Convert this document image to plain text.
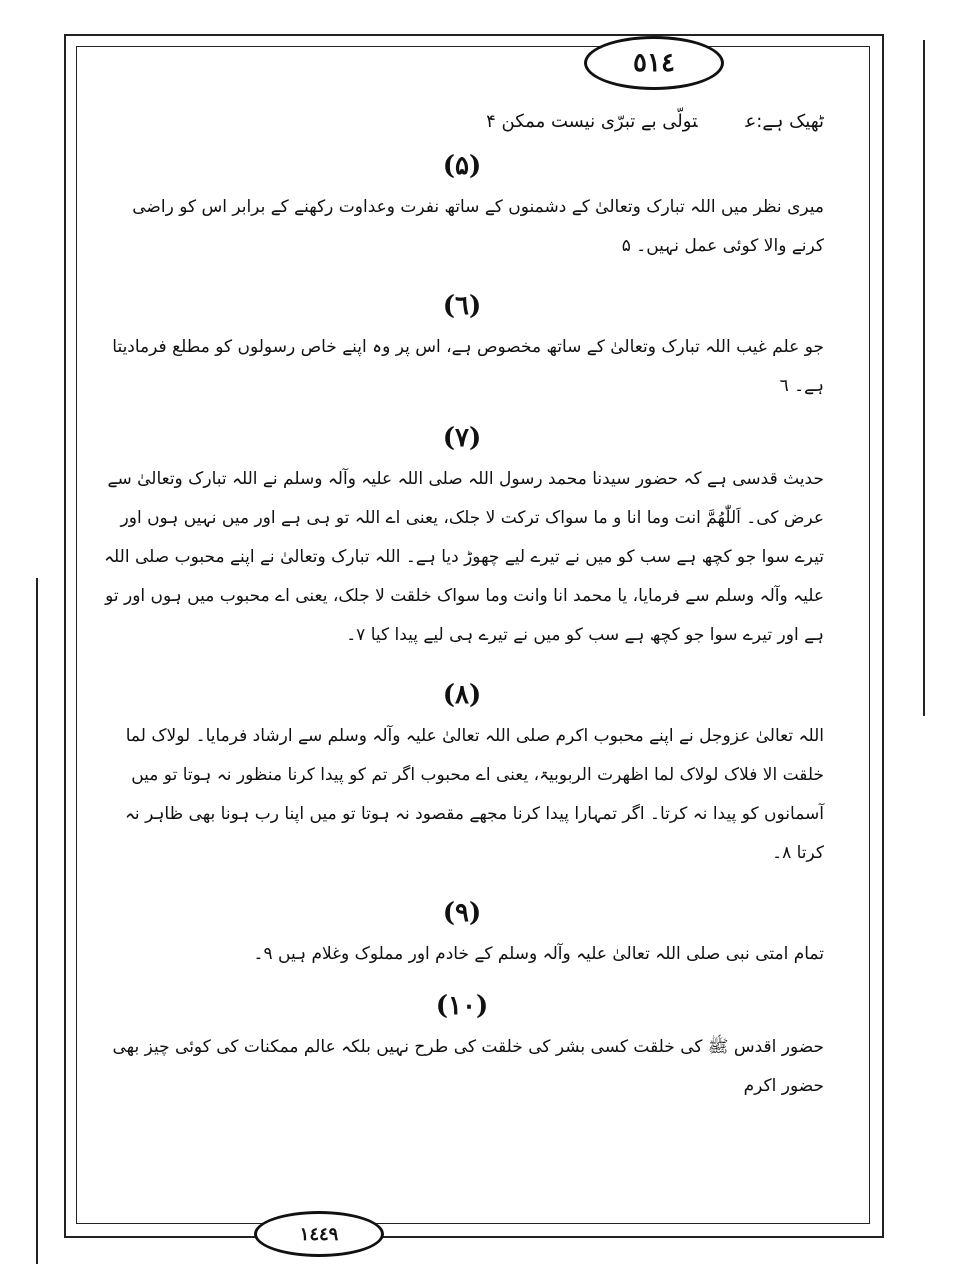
٥١٤

ٹھیک ہے:عتولّی بے تبرّی نیست ممکن ۴

(۵)

میری نظر میں اللہ تبارک وتعالیٰ کے دشمنوں کے ساتھ نفرت وعداوت رکھنے کے برابر اس کو راضی کرنے والا کوئی عمل نہیں۔ ۵

(٦)

جو علم غیب اللہ تبارک وتعالیٰ کے ساتھ مخصوص ہے، اس پر وہ اپنے خاص رسولوں کو مطلع فرمادیتا ہے۔ ٦

(۷)

حدیث قدسی ہے کہ حضور سیدنا محمد رسول اللہ صلی اللہ علیہ وآلہ وسلم نے اللہ تبارک وتعالیٰ سے عرض کی۔ اَللّٰھُمَّ انت وما انا و ما سواک ترکت لا جلک، یعنی اے اللہ تو ہی ہے اور میں نہیں ہوں اور تیرے سوا جو کچھ ہے سب کو میں نے تیرے لیے چھوڑ دیا ہے۔ اللہ تبارک وتعالیٰ نے اپنے محبوب صلی اللہ علیہ وآلہ وسلم سے فرمایا، یا محمد انا وانت وما سواک خلقت لا جلک، یعنی اے محبوب میں ہوں اور تو ہے اور تیرے سوا جو کچھ ہے سب کو میں نے تیرے ہی لیے پیدا کیا ۷۔

(۸)

اللہ تعالیٰ عزوجل نے اپنے محبوب اکرم صلی اللہ تعالیٰ علیہ وآلہ وسلم سے ارشاد فرمایا۔ لولاک لما خلقت الا فلاک لولاک لما اظھرت الربوبیۃ، یعنی اے محبوب اگر تم کو پیدا کرنا منظور نہ ہوتا تو میں آسمانوں کو پیدا نہ کرتا۔ اگر تمہارا پیدا کرنا مجھے مقصود نہ ہوتا تو میں اپنا رب ہونا بھی ظاہر نہ کرتا ۸۔

(۹)

تمام امتی نبی صلی اللہ تعالیٰ علیہ وآلہ وسلم کے خادم اور مملوک وغلام ہیں ۹۔

(۱۰)

حضور اقدس ﷺ کی خلقت کسی بشر کی خلقت کی طرح نہیں بلکہ عالم ممکنات کی کوئی چیز بھی حضور اکرم

١٤٤٩
